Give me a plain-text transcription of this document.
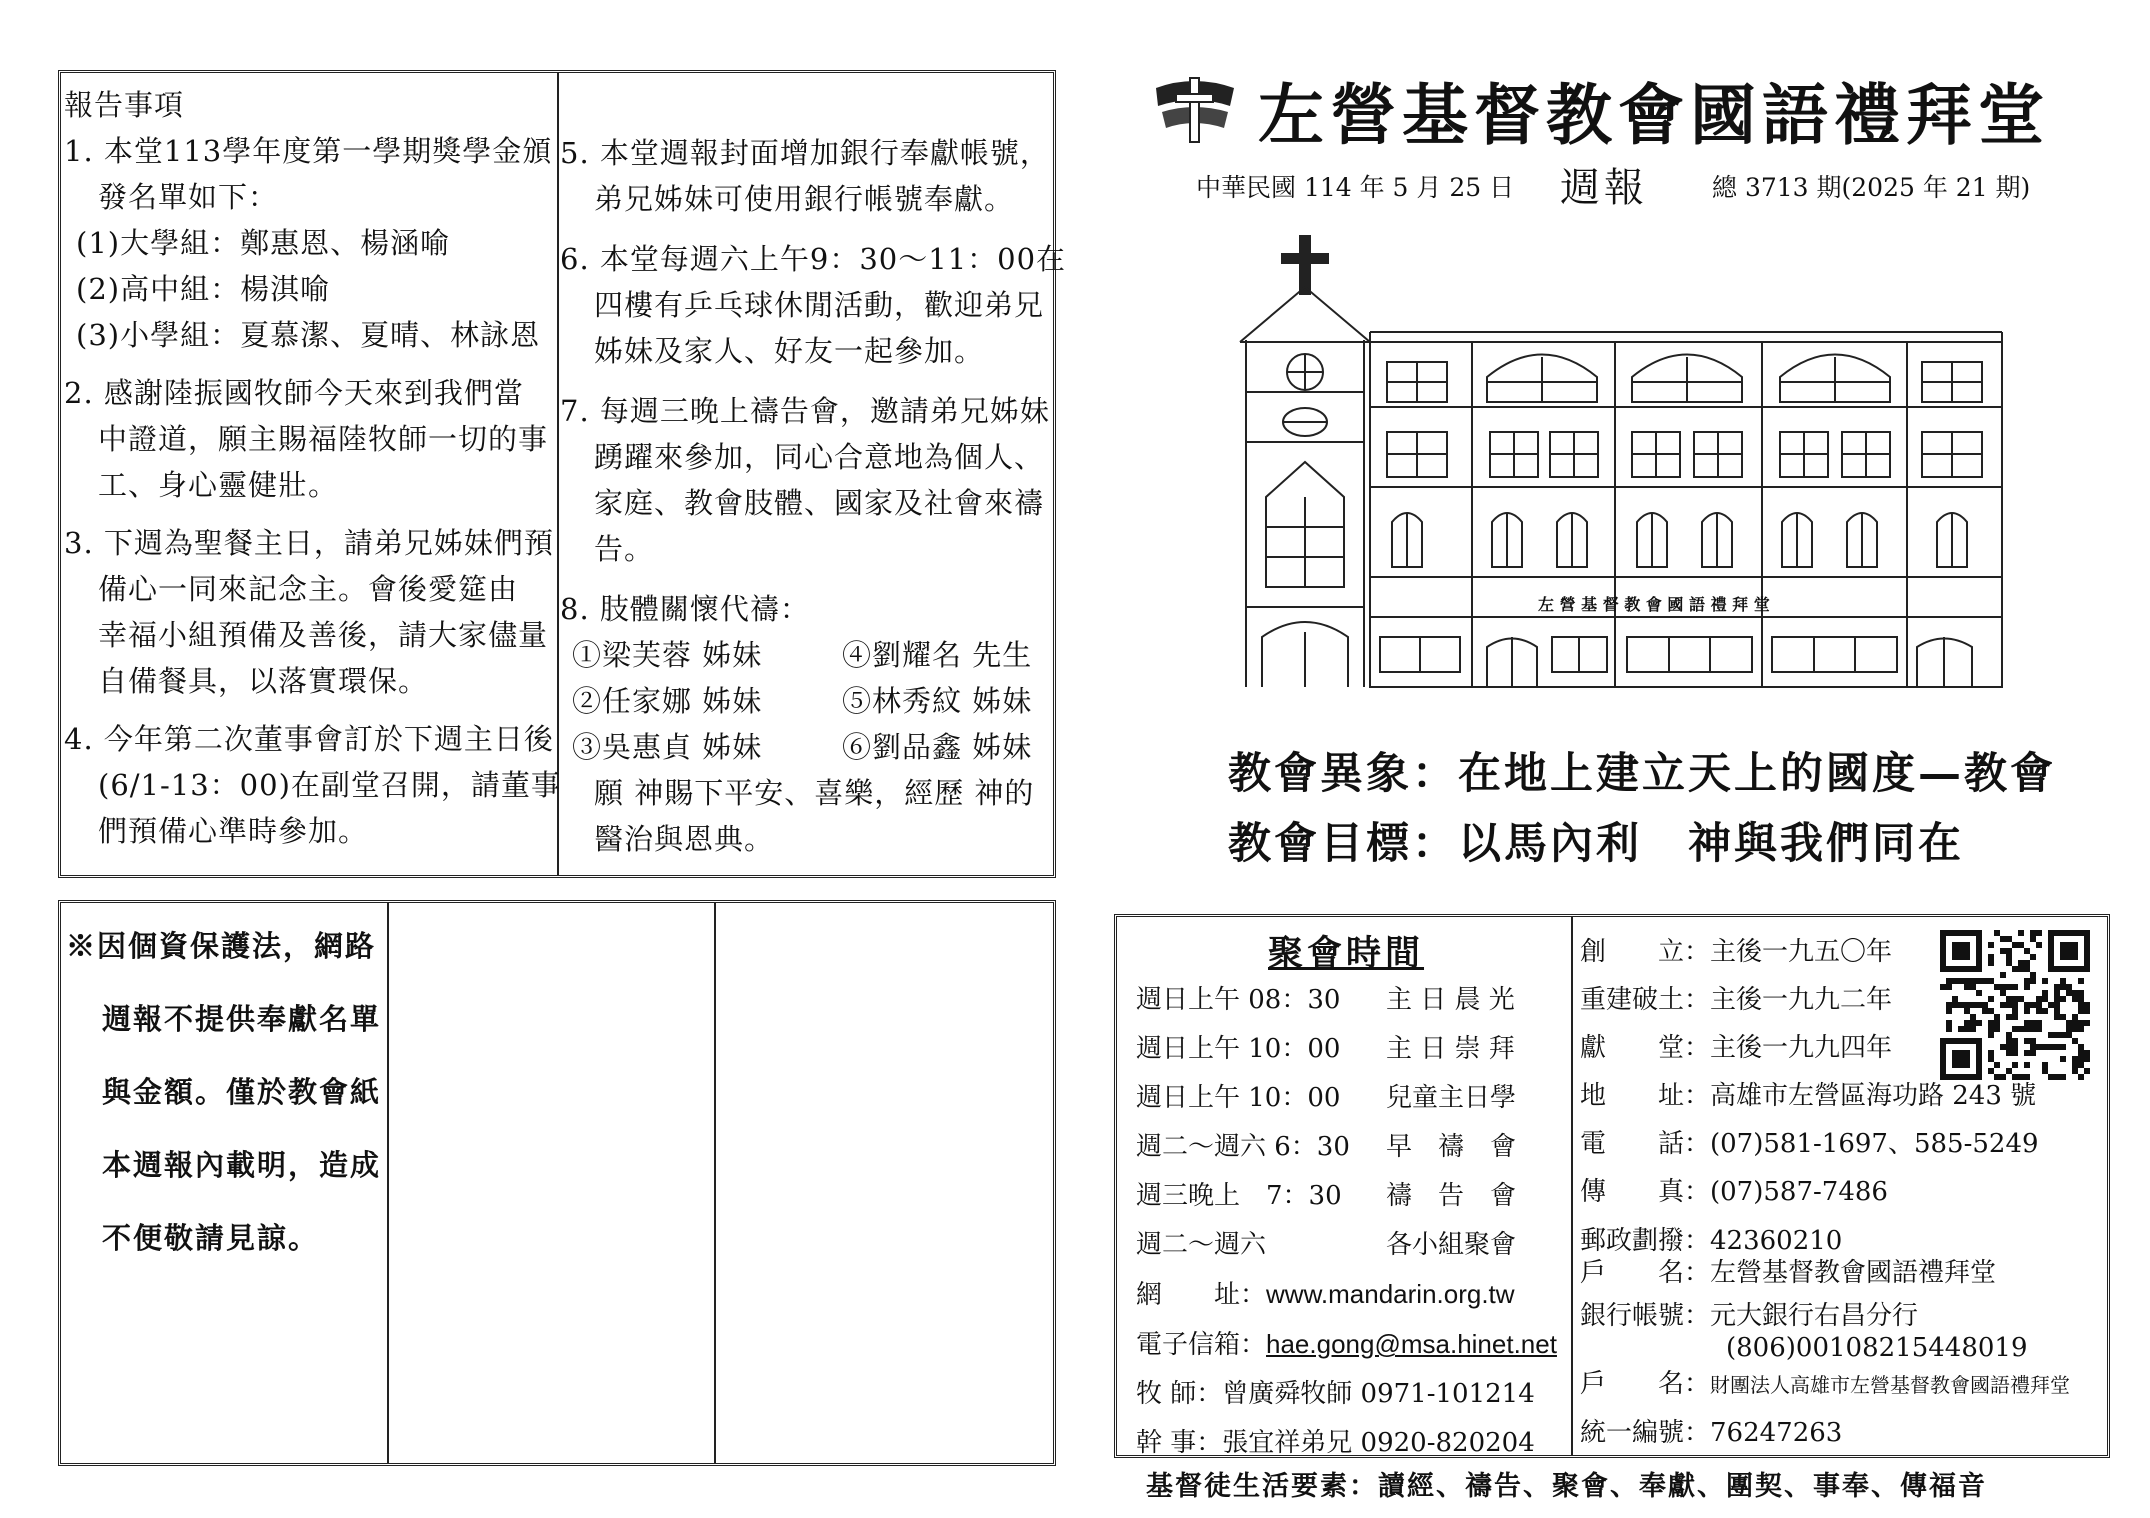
報告事項
1. 本堂113學年度第一學期獎學金頒
發名單如下：
(1)大學組：鄭惠恩、楊涵喻
(2)高中組：楊淇喻
(3)小學組：夏慕潔、夏晴、林詠恩
2. 感謝陸振國牧師今天來到我們當
中證道，願主賜福陸牧師一切的事
工、身心靈健壯。
3. 下週為聖餐主日，請弟兄姊妹們預
備心一同來記念主。會後愛筵由
幸福小組預備及善後，請大家儘量
自備餐具，以落實環保。
4. 今年第二次董事會訂於下週主日後
(6/1-13：00)在副堂召開，請董事
們預備心準時參加。
5. 本堂週報封面增加銀行奉獻帳號，
弟兄姊妹可使用銀行帳號奉獻。
6. 本堂每週六上午9：30～11：00在
四樓有乒乓球休閒活動，歡迎弟兄
姊妹及家人、好友一起參加。
7. 每週三晚上禱告會，邀請弟兄姊妹
踴躍來參加，同心合意地為個人、
家庭、教會肢體、國家及社會來禱
告。
8. 肢體關懷代禱：
①梁芙蓉 姊妹	④劉耀名 先生
②任家娜 姊妹	⑤林秀紋 姊妹
③吳惠貞 姊妹	⑥劉品鑫 姊妹
願 神賜下平安、喜樂，經歷 神的
醫治與恩典。
※因個資保護法，網路
週報不提供奉獻名單
與金額。僅於教會紙
本週報內載明，造成
不便敬請見諒。
左營基督教會國語禮拜堂
中華民國 114 年 5 月 25 日 週報	總 3713 期(2025 年 21 期)
左 營 基 督 教 會 國 語 禮 拜 堂
教會異象：在地上建立天上的國度—教會
教會目標：以馬內利　神與我們同在
聚會時間
週日上午 08：30 主 日 晨 光
週日上午 10：00 主 日 崇 拜
週日上午 10：00 兒童主日學
週二～週六 6：30 早　禱　會
週三晚上　7：30 禱　告　會
週二～週六	各小組聚會
網　　址：www.mandarin.org.tw
電子信箱：hae.gong@msa.hinet.net
牧 師：曾廣舜牧師 0971-101214
幹 事：張宜祥弟兄 0920-820204
創　　立：主後一九五〇年
重建破土：主後一九九二年
獻　　堂：主後一九九四年
地　　址：高雄市左營區海功路 243 號
電　　話：(07)581-1697、585-5249
傳　　真：(07)587-7486
郵政劃撥：42360210
戶　　名：左營基督教會國語禮拜堂
銀行帳號：元大銀行右昌分行
(806)00108215448019
戶　　名：財團法人高雄市左營基督教會國語禮拜堂
統一編號：76247263
基督徒生活要素：讀經、禱告、聚會、奉獻、團契、事奉、傳福音
